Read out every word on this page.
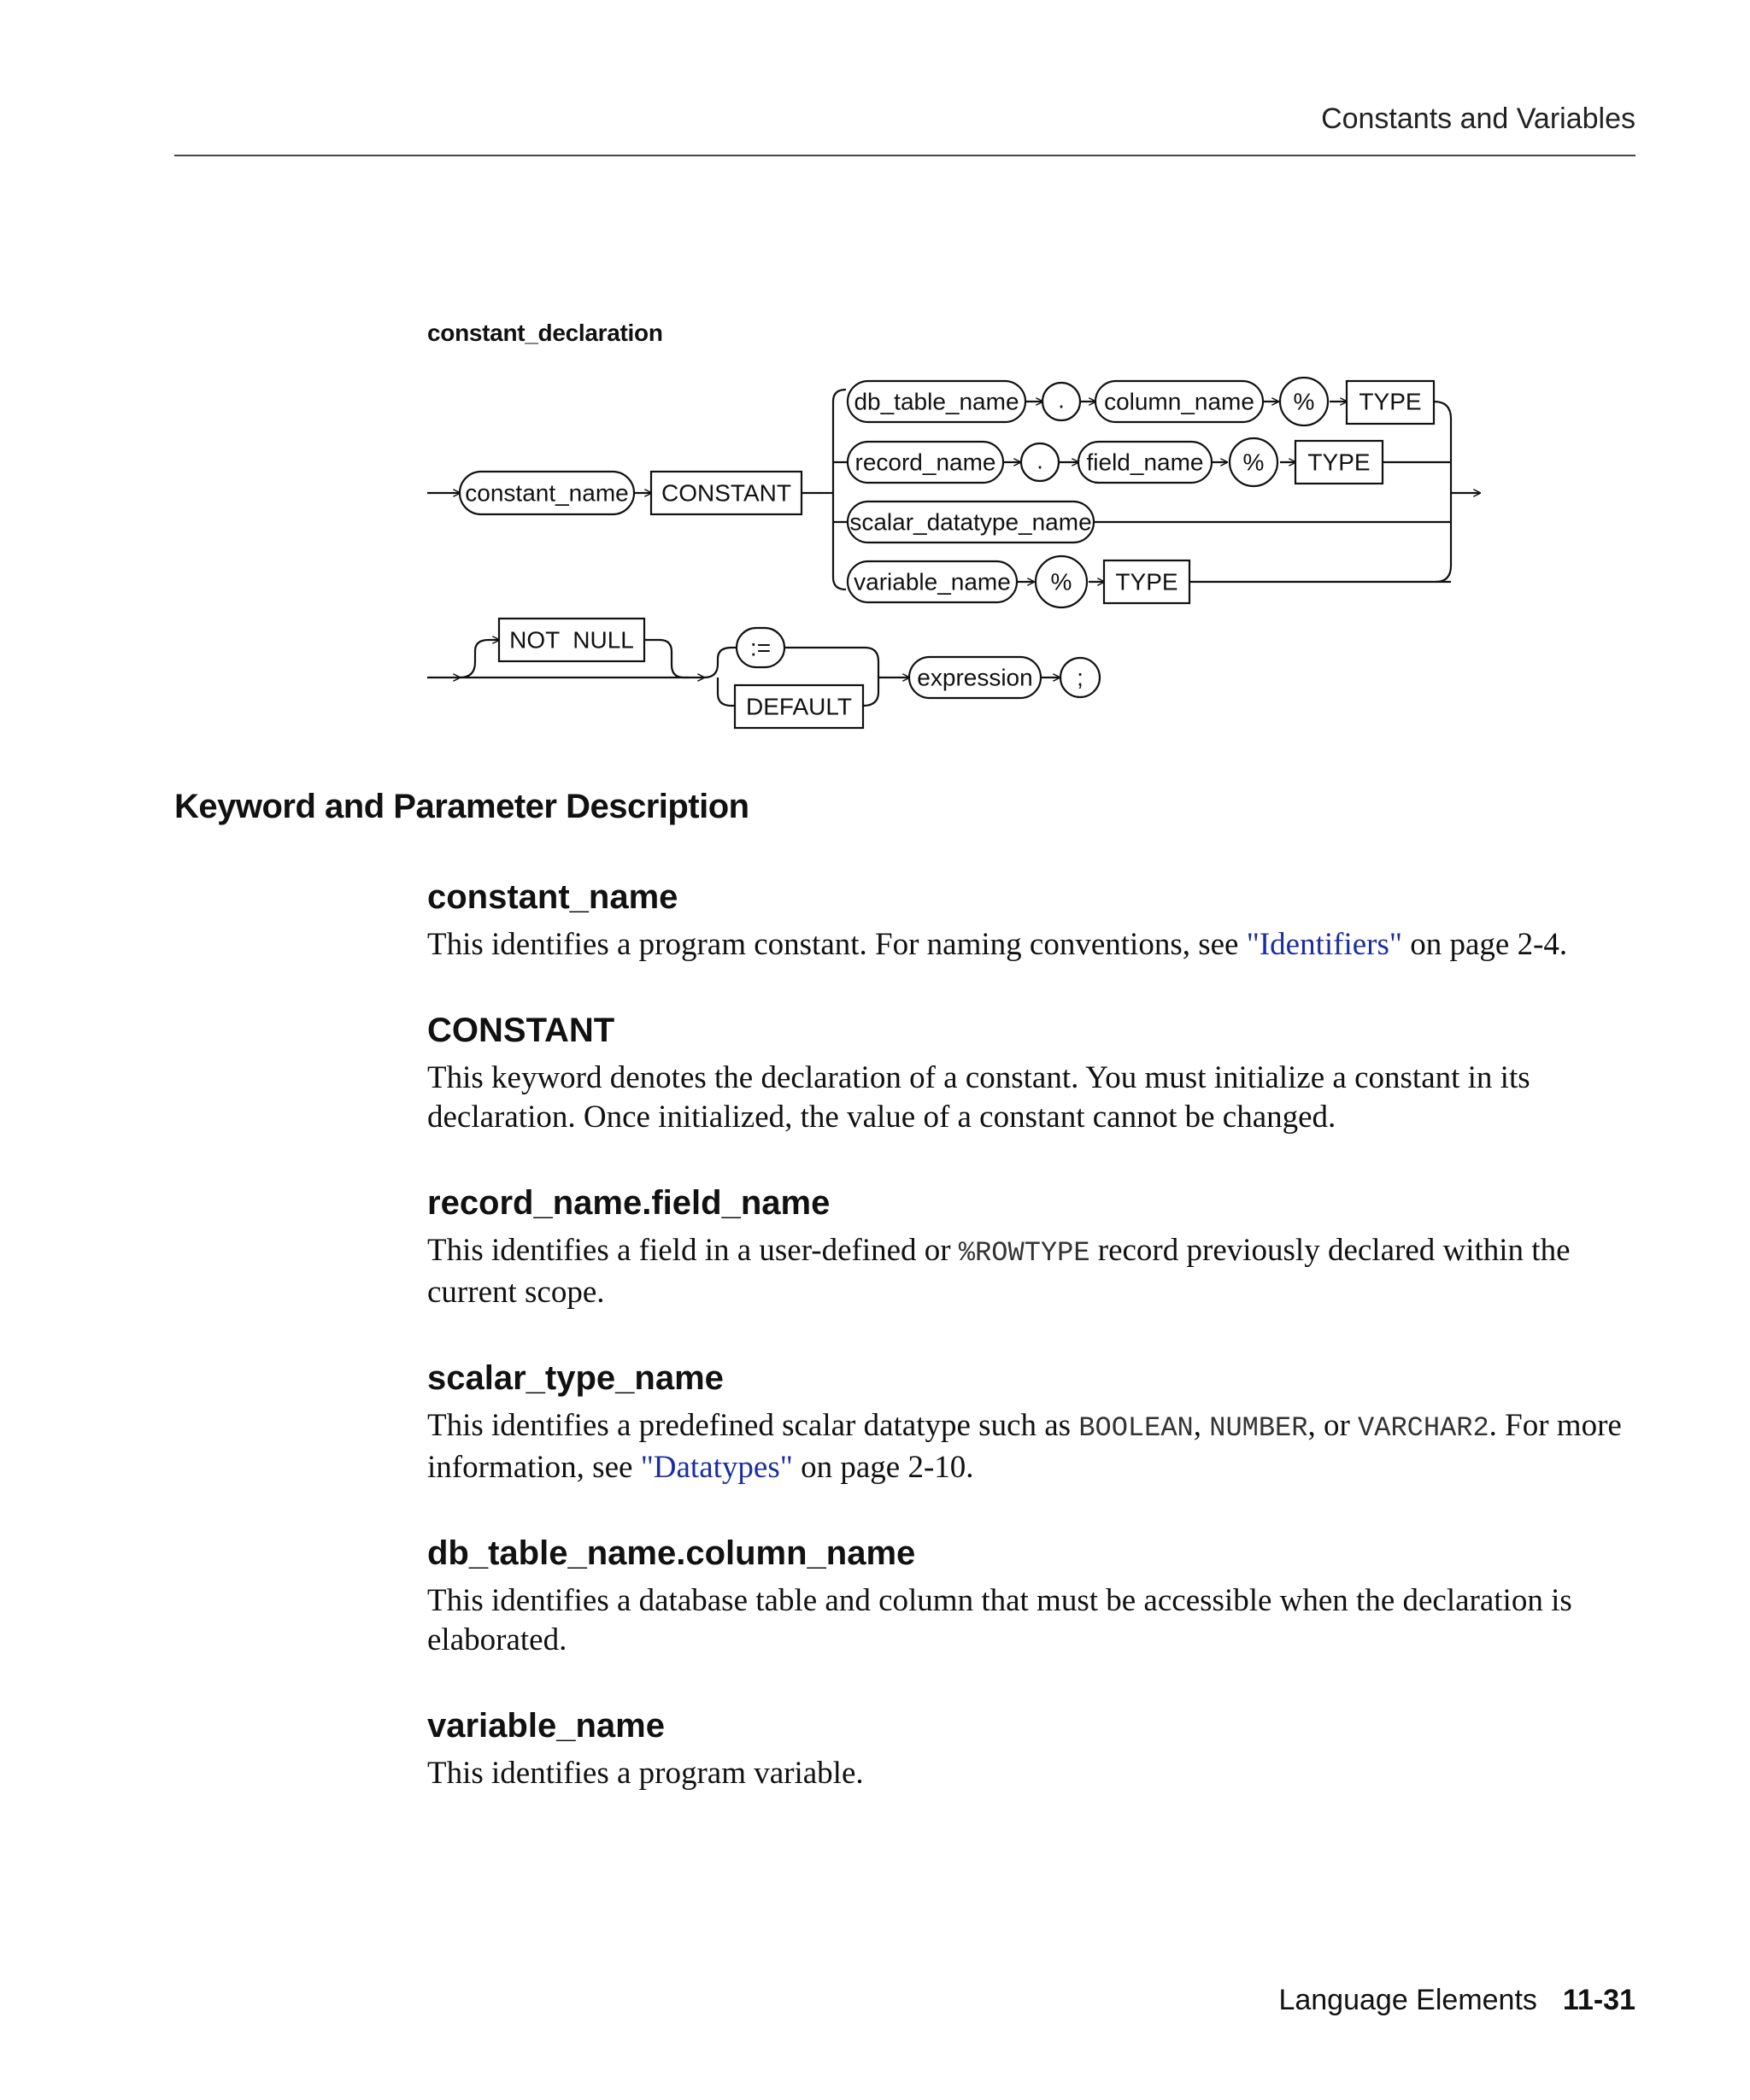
Constants and Variables
constant_declaration
constant_name CONSTANT
db_table_name . column_name % TYPE
record_name . field_name % TYPE
scalar_datatype_name
variable_name % TYPE
NOT  NULL	:=
DEFAULT
expression ;
Keyword and Parameter Description
constant_name

This identifies a program constant. For naming conventions, see "Identifiers" on page 2-4.

CONSTANT

This keyword denotes the declaration of a constant. You must initialize a constant in its declaration. Once initialized, the value of a constant cannot be changed.

record_name.field_name

This identifies a field in a user-defined or %ROWTYPE record previously declared within the current scope.

scalar_type_name

This identifies a predefined scalar datatype such as BOOLEAN, NUMBER, or VARCHAR2. For more information, see "Datatypes" on page 2-10.

db_table_name.column_name

This identifies a database table and column that must be accessible when the declaration is elaborated.

variable_name

This identifies a program variable.

Language Elements 11-31
